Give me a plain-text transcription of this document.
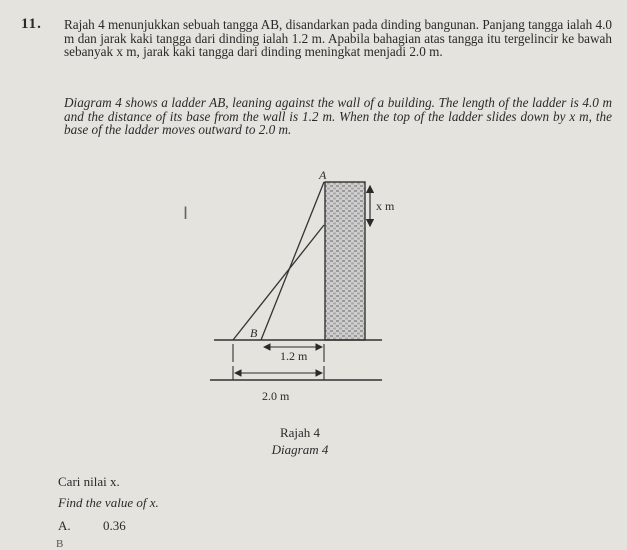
11. Rajah 4 menunjukkan sebuah tangga AB, disandarkan pada dinding bangunan. Panjang tangga ialah 4.0 m dan jarak kaki tangga dari dinding ialah 1.2 m. Apabila bahagian atas tangga itu tergelincir ke bawah sebanyak x m, jarak kaki tangga dari dinding meningkat menjadi 2.0 m.
Diagram 4 shows a ladder AB, leaning against the wall of a building. The length of the ladder is 4.0 m and the distance of its base from the wall is 1.2 m. When the top of the ladder slides down by x m, the base of the ladder moves outward to 2.0 m.
A
B
x m
1.2 m
2.0 m
I
Rajah 4
Diagram 4
Cari nilai x.
Find the value of x.
A. 0.36
B
